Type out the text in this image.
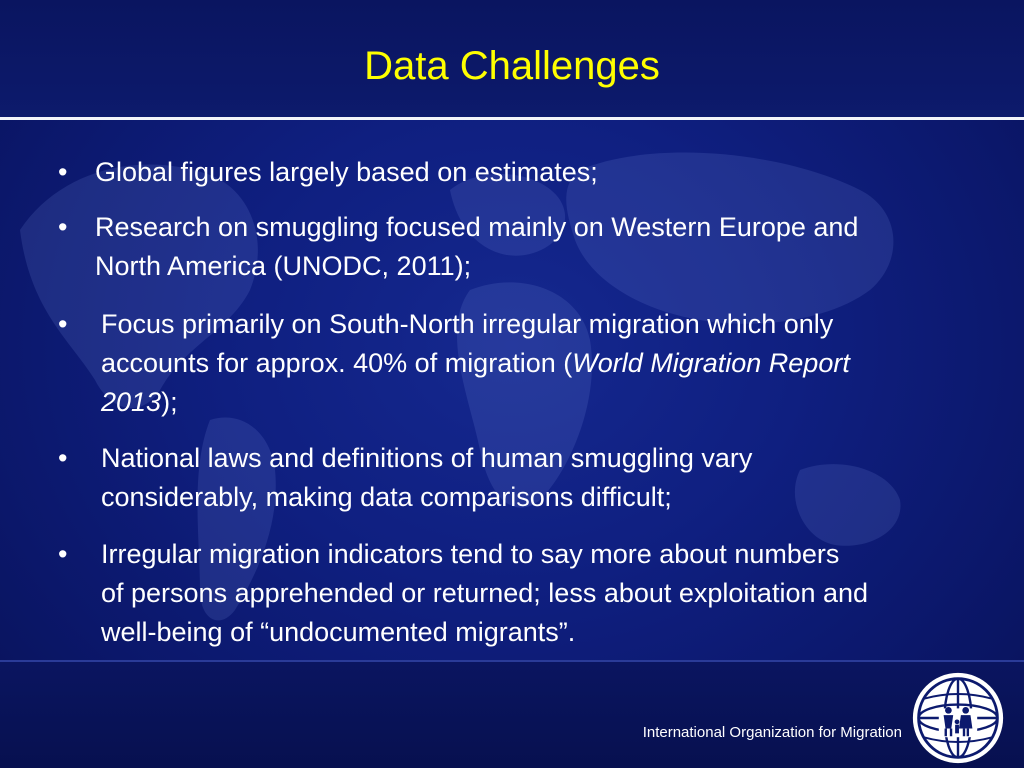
Data Challenges
• Global figures largely based on estimates;
• Research on smuggling focused mainly on Western Europe and
North America (UNODC, 2011);
• Focus primarily on South-North irregular migration which only
accounts for approx. 40% of migration (World Migration Report
2013);
• National laws and definitions of human smuggling vary
considerably, making data comparisons difficult;
• Irregular migration indicators tend to say more about numbers
of persons apprehended or returned; less about exploitation and
well-being of “undocumented migrants”.
International Organization for Migration
